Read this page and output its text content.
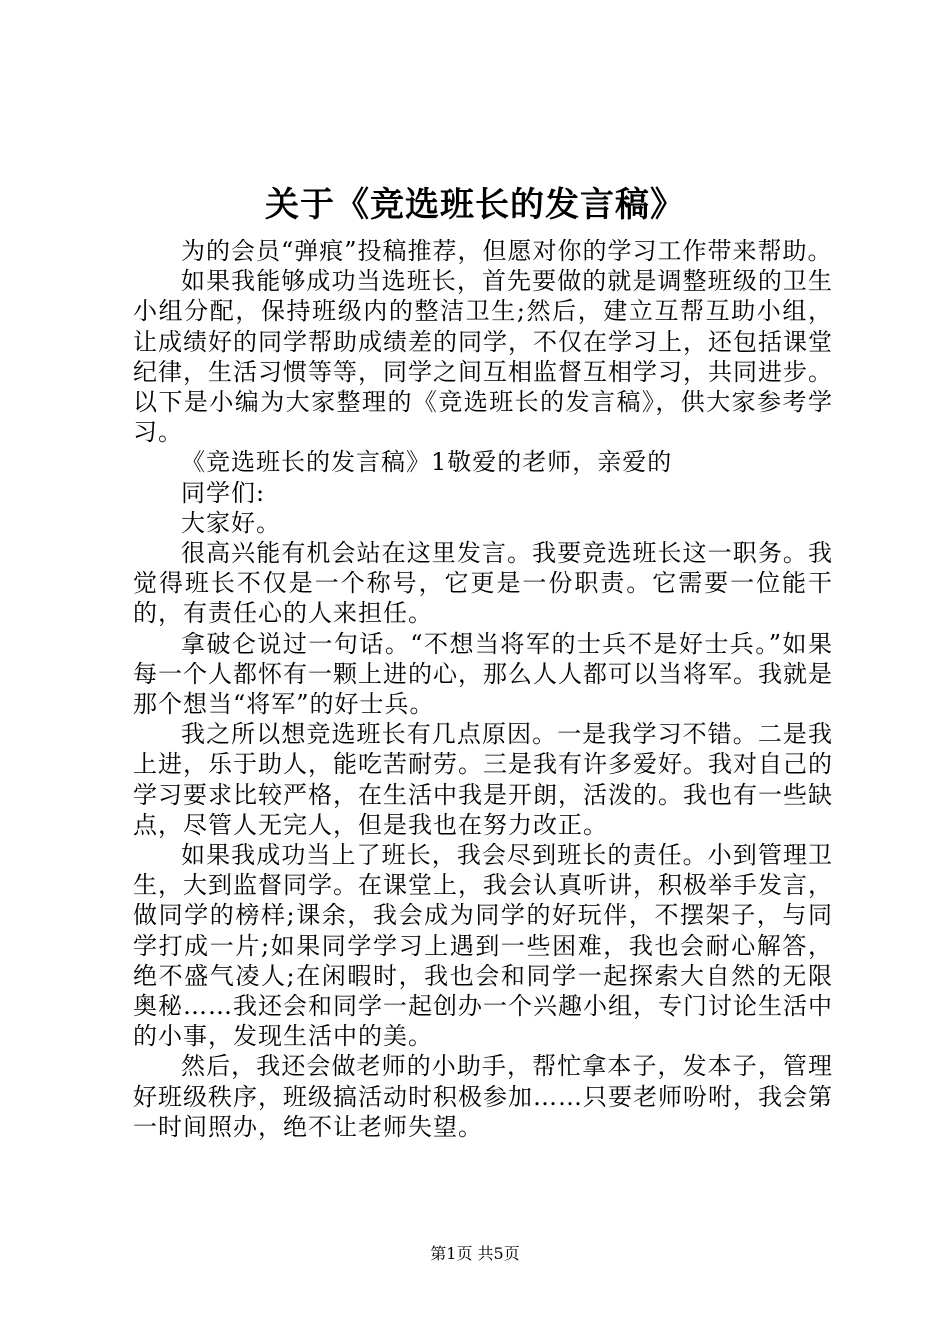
关于《竞选班长的发言稿》

为的会员“弹痕”投稿推荐，但愿对你的学习工作带来帮助。

如果我能够成功当选班长，首先要做的就是调整班级的卫生小组分配，保持班级内的整洁卫生;然后，建立互帮互助小组，让成绩好的同学帮助成绩差的同学，不仅在学习上，还包括课堂纪律，生活习惯等等，同学之间互相监督互相学习，共同进步。以下是小编为大家整理的《竞选班长的发言稿》，供大家参考学习。

《竞选班长的发言稿》1敬爱的老师，亲爱的

同学们:

大家好。

很高兴能有机会站在这里发言。我要竞选班长这一职务。我觉得班长不仅是一个称号，它更是一份职责。它需要一位能干的，有责任心的人来担任。

拿破仑说过一句话。“不想当将军的士兵不是好士兵。”如果每一个人都怀有一颗上进的心，那么人人都可以当将军。我就是那个想当“将军”的好士兵。

我之所以想竞选班长有几点原因。一是我学习不错。二是我上进，乐于助人，能吃苦耐劳。三是我有许多爱好。我对自己的学习要求比较严格，在生活中我是开朗，活泼的。我也有一些缺点，尽管人无完人，但是我也在努力改正。

如果我成功当上了班长，我会尽到班长的责任。小到管理卫生，大到监督同学。在课堂上，我会认真听讲，积极举手发言，做同学的榜样;课余，我会成为同学的好玩伴，不摆架子，与同学打成一片;如果同学学习上遇到一些困难，我也会耐心解答，绝不盛气凌人;在闲暇时，我也会和同学一起探索大自然的无限奥秘……我还会和同学一起创办一个兴趣小组，专门讨论生活中的小事，发现生活中的美。

然后，我还会做老师的小助手，帮忙拿本子，发本子，管理好班级秩序，班级搞活动时积极参加……只要老师吩咐，我会第一时间照办，绝不让老师失望。

第1页 共5页
